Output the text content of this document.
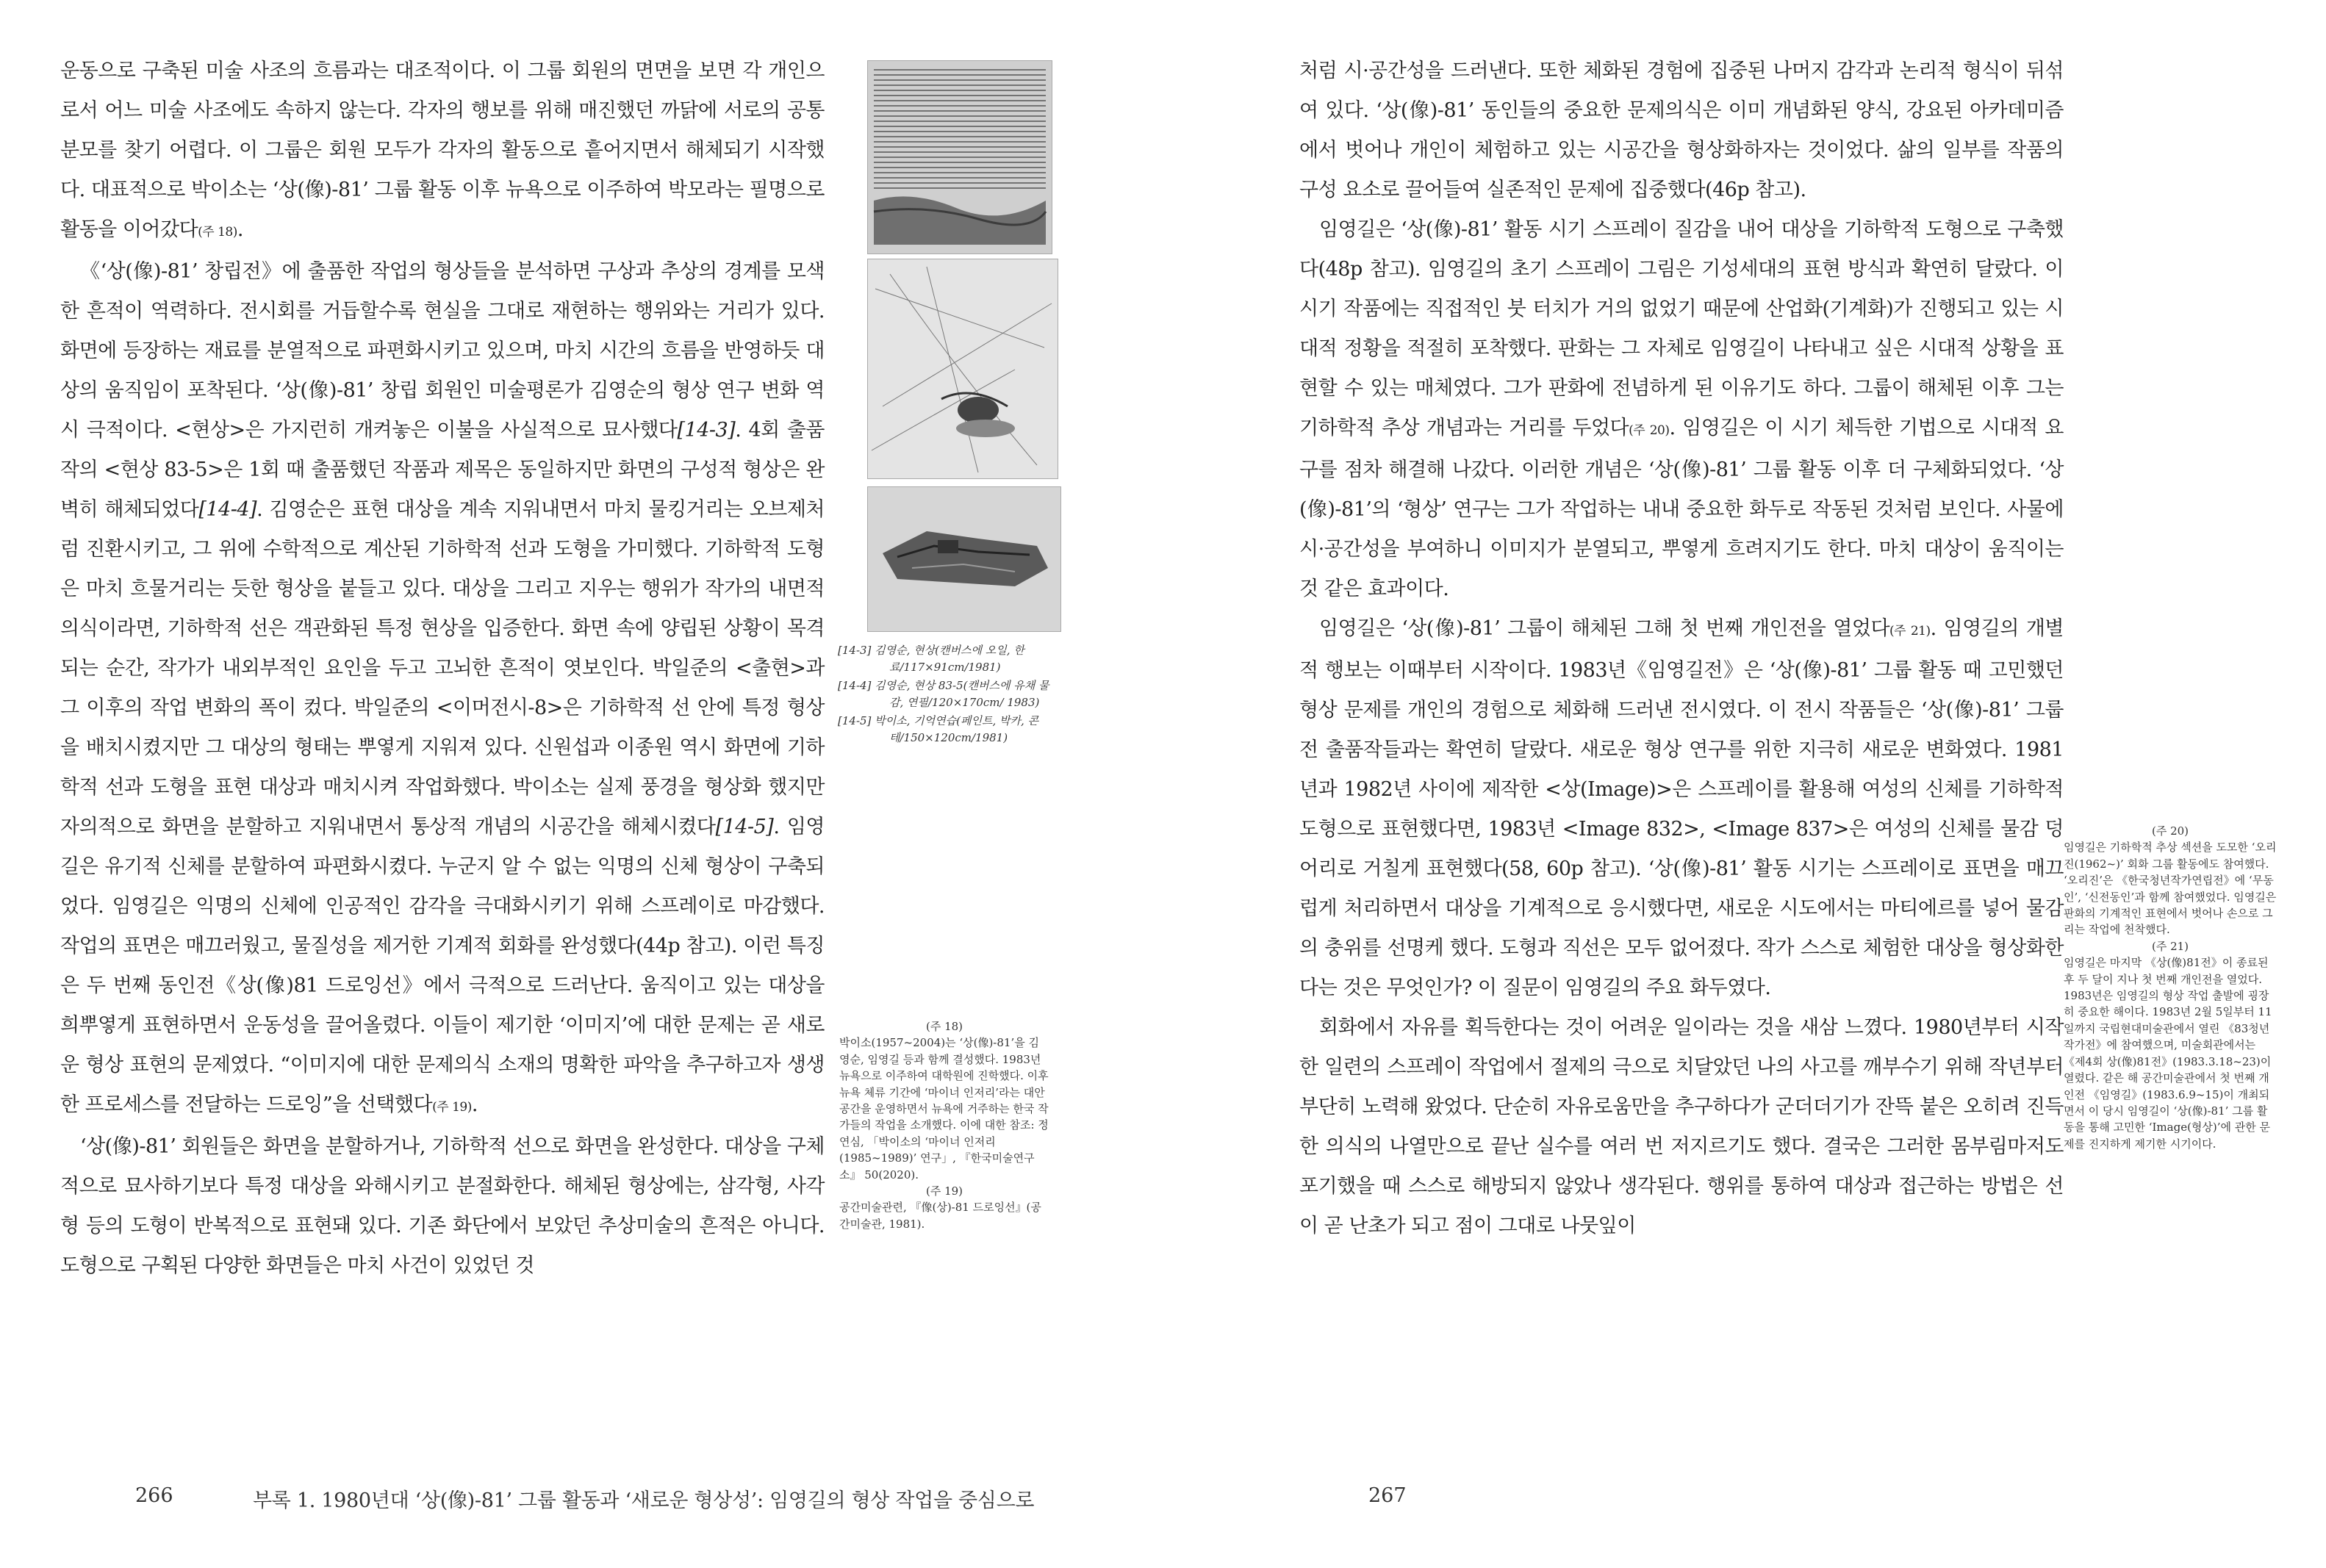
운동으로 구축된 미술 사조의 흐름과는 대조적이다. 이 그룹 회원의 면면을 보면 각 개인으로서 어느 미술 사조에도 속하지 않는다. 각자의 행보를 위해 매진했던 까닭에 서로의 공통분모를 찾기 어렵다. 이 그룹은 회원 모두가 각자의 활동으로 흩어지면서 해체되기 시작했다. 대표적으로 박이소는 ‘상(像)-81’ 그룹 활동 이후 뉴욕으로 이주하여 박모라는 필명으로 활동을 이어갔다(주 18).

《‘상(像)-81’ 창립전》에 출품한 작업의 형상들을 분석하면 구상과 추상의 경계를 모색한 흔적이 역력하다. 전시회를 거듭할수록 현실을 그대로 재현하는 행위와는 거리가 있다. 화면에 등장하는 재료를 분열적으로 파편화시키고 있으며, 마치 시간의 흐름을 반영하듯 대상의 움직임이 포착된다. ‘상(像)-81’ 창립 회원인 미술평론가 김영순의 형상 연구 변화 역시 극적이다. <현상>은 가지런히 개켜놓은 이불을 사실적으로 묘사했다[14-3]. 4회 출품작의 <현상 83-5>은 1회 때 출품했던 작품과 제목은 동일하지만 화면의 구성적 형상은 완벽히 해체되었다[14-4]. 김영순은 표현 대상을 계속 지워내면서 마치 물킹거리는 오브제처럼 진환시키고, 그 위에 수학적으로 계산된 기하학적 선과 도형을 가미했다. 기하학적 도형은 마치 흐물거리는 듯한 형상을 붙들고 있다. 대상을 그리고 지우는 행위가 작가의 내면적 의식이라면, 기하학적 선은 객관화된 특정 현상을 입증한다. 화면 속에 양립된 상황이 목격되는 순간, 작가가 내외부적인 요인을 두고 고뇌한 흔적이 엿보인다. 박일준의 <출현>과 그 이후의 작업 변화의 폭이 컸다. 박일준의 <이머전시-8>은 기하학적 선 안에 특정 형상을 배치시켰지만 그 대상의 형태는 뿌옇게 지워져 있다. 신원섭과 이종원 역시 화면에 기하학적 선과 도형을 표현 대상과 매치시켜 작업화했다. 박이소는 실제 풍경을 형상화 했지만 자의적으로 화면을 분할하고 지워내면서 통상적 개념의 시공간을 해체시켰다[14-5]. 임영길은 유기적 신체를 분할하여 파편화시켰다. 누군지 알 수 없는 익명의 신체 형상이 구축되었다. 임영길은 익명의 신체에 인공적인 감각을 극대화시키기 위해 스프레이로 마감했다. 작업의 표면은 매끄러웠고, 물질성을 제거한 기계적 회화를 완성했다(44p 참고). 이런 특징은 두 번째 동인전《상(像)81 드로잉선》에서 극적으로 드러난다. 움직이고 있는 대상을 희뿌옇게 표현하면서 운동성을 끌어올렸다. 이들이 제기한 ‘이미지’에 대한 문제는 곧 새로운 형상 표현의 문제였다. “이미지에 대한 문제의식 소재의 명확한 파악을 추구하고자 생생한 프로세스를 전달하는 드로잉”을 선택했다(주 19).

‘상(像)-81’ 회원들은 화면을 분할하거나, 기하학적 선으로 화면을 완성한다. 대상을 구체적으로 묘사하기보다 특정 대상을 와해시키고 분절화한다. 해체된 형상에는, 삼각형, 사각형 등의 도형이 반복적으로 표현돼 있다. 기존 화단에서 보았던 추상미술의 흔적은 아니다. 도형으로 구획된 다양한 화면들은 마치 사건이 있었던 것

[14-3] 김영순, 현상(캔버스에 오일, 한료/117×91cm/1981)

[14-4] 김영순, 현상 83-5(캔버스에 유채 물감, 연필/120×170cm/ 1983)

[14-5] 박이소, 기억연습(페인트, 박카, 콘테/150×120cm/1981)

(주 18)

박이소(1957~2004)는 ‘상(像)-81’을 김영순, 임영길 등과 함께 결성했다. 1983년 뉴욕으로 이주하여 대학원에 진학했다. 이후 뉴욕 체류 기간에 ‘마이너 인저리’라는 대안 공간을 운영하면서 뉴욕에 거주하는 한국 작가들의 작업을 소개했다. 이에 대한 참조: 정연심, 「박이소의 ‘마이너 인저리(1985~1989)’ 연구」, 『한국미술연구소』 50(2020).

(주 19)

공간미술관련, 『像(상)-81 드로잉선』(공간미술관, 1981).

266	부록 1. 1980년대 ‘상(像)-81’ 그룹 활동과 ‘새로운 형상성’: 임영길의 형상 작업을 중심으로

처럼 시·공간성을 드러낸다. 또한 체화된 경험에 집중된 나머지 감각과 논리적 형식이 뒤섞여 있다. ‘상(像)-81’ 동인들의 중요한 문제의식은 이미 개념화된 양식, 강요된 아카데미즘에서 벗어나 개인이 체험하고 있는 시공간을 형상화하자는 것이었다. 삶의 일부를 작품의 구성 요소로 끌어들여 실존적인 문제에 집중했다(46p 참고).

임영길은 ‘상(像)-81’ 활동 시기 스프레이 질감을 내어 대상을 기하학적 도형으로 구축했다(48p 참고). 임영길의 초기 스프레이 그림은 기성세대의 표현 방식과 확연히 달랐다. 이 시기 작품에는 직접적인 붓 터치가 거의 없었기 때문에 산업화(기계화)가 진행되고 있는 시대적 정황을 적절히 포착했다. 판화는 그 자체로 임영길이 나타내고 싶은 시대적 상황을 표현할 수 있는 매체였다. 그가 판화에 전념하게 된 이유기도 하다. 그룹이 해체된 이후 그는 기하학적 추상 개념과는 거리를 두었다(주 20). 임영길은 이 시기 체득한 기법으로 시대적 요구를 점차 해결해 나갔다. 이러한 개념은 ‘상(像)-81’ 그룹 활동 이후 더 구체화되었다. ‘상(像)-81’의 ‘형상’ 연구는 그가 작업하는 내내 중요한 화두로 작동된 것처럼 보인다. 사물에 시·공간성을 부여하니 이미지가 분열되고, 뿌옇게 흐려지기도 한다. 마치 대상이 움직이는 것 같은 효과이다.

임영길은 ‘상(像)-81’ 그룹이 해체된 그해 첫 번째 개인전을 열었다(주 21). 임영길의 개별적 행보는 이때부터 시작이다. 1983년《임영길전》은 ‘상(像)-81’ 그룹 활동 때 고민했던 형상 문제를 개인의 경험으로 체화해 드러낸 전시였다. 이 전시 작품들은 ‘상(像)-81’ 그룹전 출품작들과는 확연히 달랐다. 새로운 형상 연구를 위한 지극히 새로운 변화였다. 1981년과 1982년 사이에 제작한 <상(Image)>은 스프레이를 활용해 여성의 신체를 기하학적 도형으로 표현했다면, 1983년 <Image 832>, <Image 837>은 여성의 신체를 물감 덩어리로 거칠게 표현했다(58, 60p 참고). ‘상(像)-81’ 활동 시기는 스프레이로 표면을 매끄럽게 처리하면서 대상을 기계적으로 응시했다면, 새로운 시도에서는 마티에르를 넣어 물감의 충위를 선명케 했다. 도형과 직선은 모두 없어졌다. 작가 스스로 체험한 대상을 형상화한다는 것은 무엇인가? 이 질문이 임영길의 주요 화두였다.

회화에서 자유를 획득한다는 것이 어려운 일이라는 것을 새삼 느꼈다. 1980년부터 시작한 일련의 스프레이 작업에서 절제의 극으로 치달았던 나의 사고를 깨부수기 위해 작년부터 부단히 노력해 왔었다. 단순히 자유로움만을 추구하다가 군더더기가 잔뜩 붙은 오히려 진득한 의식의 나열만으로 끝난 실수를 여러 번 저지르기도 했다. 결국은 그러한 몸부림마저도 포기했을 때 스스로 해방되지 않았나 생각된다. 행위를 통하여 대상과 접근하는 방법은 선이 곧 난초가 되고 점이 그대로 나뭇잎이

(주 20)

임영길은 기하학적 추상 섹션을 도모한 ‘오리진(1962~)’ 회화 그룹 활동에도 참여했다. ‘오리진’은 《한국청년작가연립전》에 ‘무동인’, ‘신전동인’과 함께 참여했었다. 임영길은 판화의 기계적인 표현에서 벗어나 손으로 그리는 작업에 천착했다.

(주 21)

임영길은 마지막 《상(像)81전》이 종료된 후 두 달이 지나 첫 번째 개인전을 열었다. 1983년은 임영길의 형상 작업 출발에 굉장히 중요한 해이다. 1983년 2월 5일부터 11일까지 국립현대미술관에서 열린 《83청년작가전》에 참여했으며, 미술회관에서는 《제4회 상(像)81전》(1983.3.18~23)이 열렸다. 같은 해 공간미술관에서 첫 번째 개인전 《임영길》(1983.6.9~15)이 개최되면서 이 당시 임영길이 ‘상(像)-81’ 그룹 활동을 통해 고민한 ‘Image(형상)’에 관한 문제를 진지하게 제기한 시기이다.

267
